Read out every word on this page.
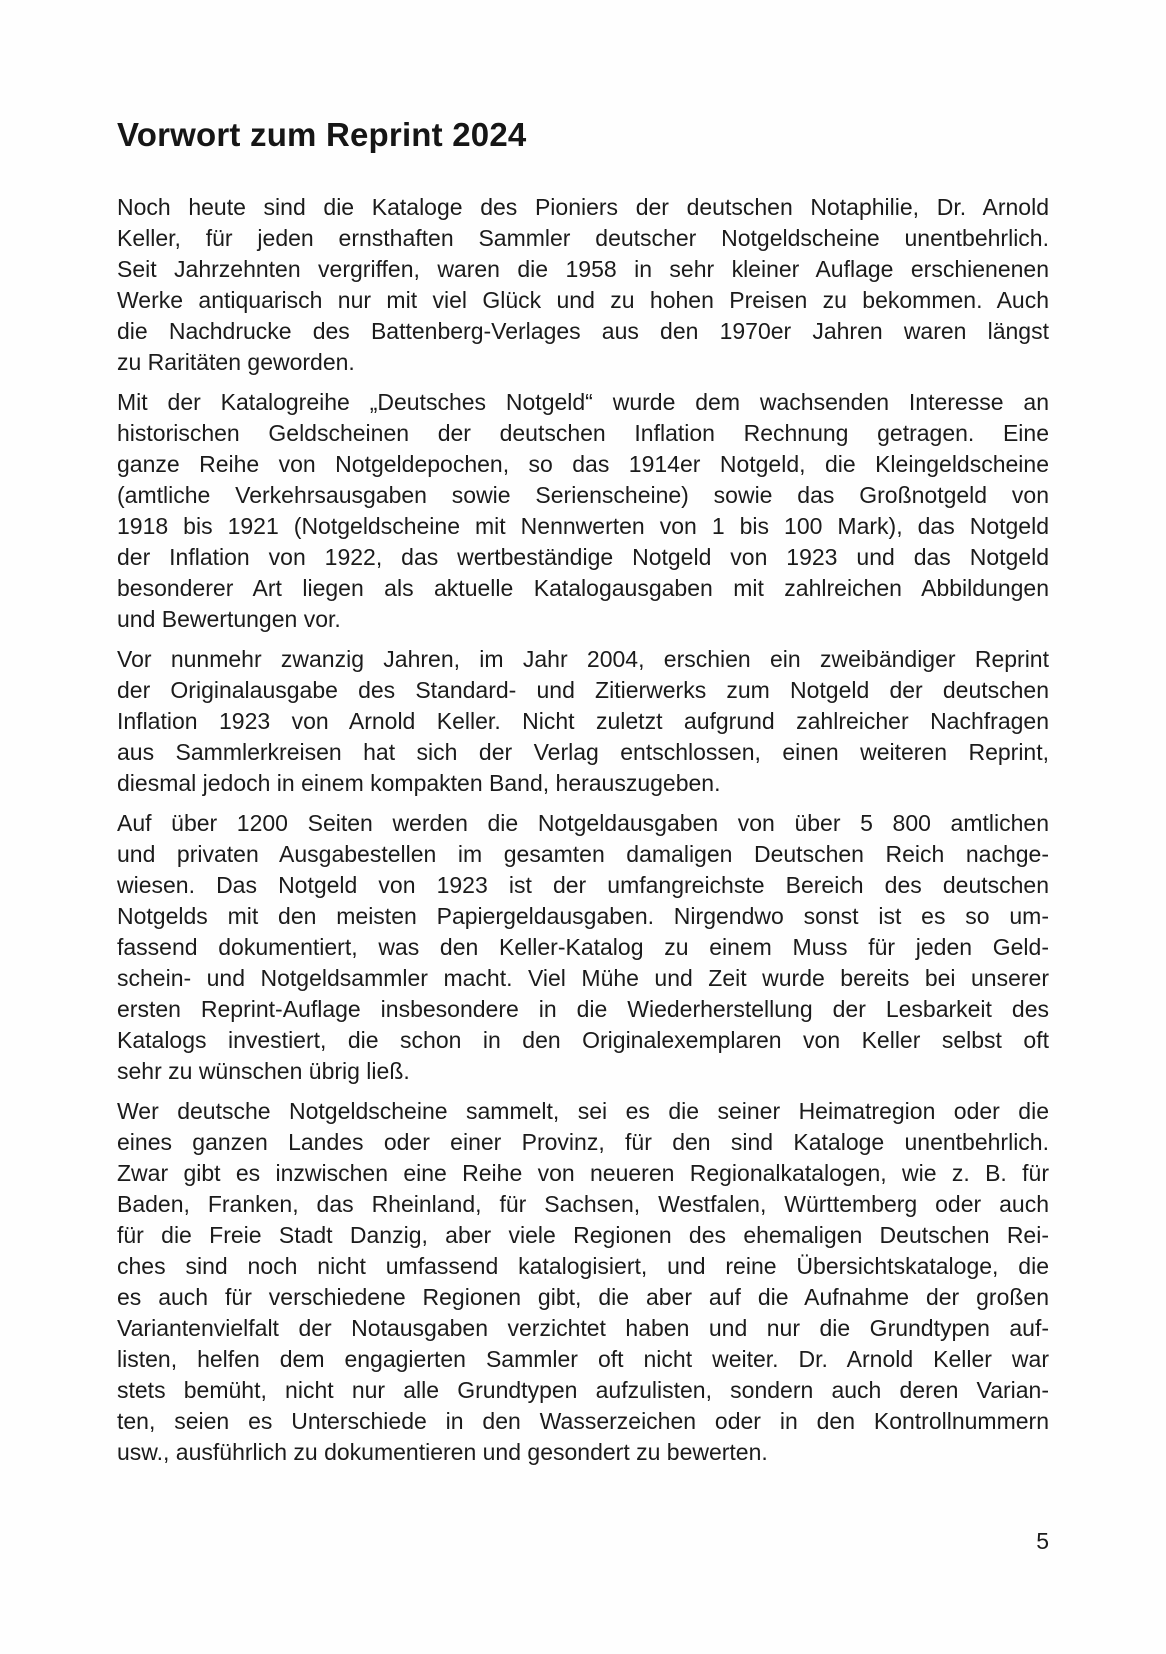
Vorwort zum Reprint 2024
Noch heute sind die Kataloge des Pioniers der deutschen Notaphilie, Dr. Arnold
Keller, für jeden ernsthaften Sammler deutscher Notgeldscheine unentbehrlich.
Seit Jahrzehnten vergriffen, waren die 1958 in sehr kleiner Auflage erschienenen
Werke antiquarisch nur mit viel Glück und zu hohen Preisen zu bekommen. Auch
die Nachdrucke des Battenberg-Verlages aus den 1970er Jahren waren längst
zu Raritäten geworden.
Mit der Katalogreihe „Deutsches Notgeld“ wurde dem wachsenden Interesse an
historischen Geldscheinen der deutschen Inflation Rechnung getragen. Eine
ganze Reihe von Notgeldepochen, so das 1914er Notgeld, die Kleingeldscheine
(amtliche Verkehrsausgaben sowie Serienscheine) sowie das Großnotgeld von
1918 bis 1921 (Notgeldscheine mit Nennwerten von 1 bis 100 Mark), das Notgeld
der Inflation von 1922, das wertbeständige Notgeld von 1923 und das Notgeld
besonderer Art liegen als aktuelle Katalogausgaben mit zahlreichen Abbildungen
und Bewertungen vor.
Vor nunmehr zwanzig Jahren, im Jahr 2004, erschien ein zweibändiger Reprint
der Originalausgabe des Standard- und Zitierwerks zum Notgeld der deutschen
Inflation 1923 von Arnold Keller. Nicht zuletzt aufgrund zahlreicher Nachfragen
aus Sammlerkreisen hat sich der Verlag entschlossen, einen weiteren Reprint,
diesmal jedoch in einem kompakten Band, herauszugeben.
Auf über 1200 Seiten werden die Notgeldausgaben von über 5 800 amtlichen
und privaten Ausgabestellen im gesamten damaligen Deutschen Reich nachge-
wiesen. Das Notgeld von 1923 ist der umfangreichste Bereich des deutschen
Notgelds mit den meisten Papiergeldausgaben. Nirgendwo sonst ist es so um-
fassend dokumentiert, was den Keller-Katalog zu einem Muss für jeden Geld-
schein- und Notgeldsammler macht. Viel Mühe und Zeit wurde bereits bei unserer
ersten Reprint-Auflage insbesondere in die Wiederherstellung der Lesbarkeit des
Katalogs investiert, die schon in den Originalexemplaren von Keller selbst oft
sehr zu wünschen übrig ließ.
Wer deutsche Notgeldscheine sammelt, sei es die seiner Heimatregion oder die
eines ganzen Landes oder einer Provinz, für den sind Kataloge unentbehrlich.
Zwar gibt es inzwischen eine Reihe von neueren Regionalkatalogen, wie z. B. für
Baden, Franken, das Rheinland, für Sachsen, Westfalen, Württemberg oder auch
für die Freie Stadt Danzig, aber viele Regionen des ehemaligen Deutschen Rei-
ches sind noch nicht umfassend katalogisiert, und reine Übersichtskataloge, die
es auch für verschiedene Regionen gibt, die aber auf die Aufnahme der großen
Variantenvielfalt der Notausgaben verzichtet haben und nur die Grundtypen auf-
listen, helfen dem engagierten Sammler oft nicht weiter. Dr. Arnold Keller war
stets bemüht, nicht nur alle Grundtypen aufzulisten, sondern auch deren Varian-
ten, seien es Unterschiede in den Wasserzeichen oder in den Kontrollnummern
usw., ausführlich zu dokumentieren und gesondert zu bewerten.
5
